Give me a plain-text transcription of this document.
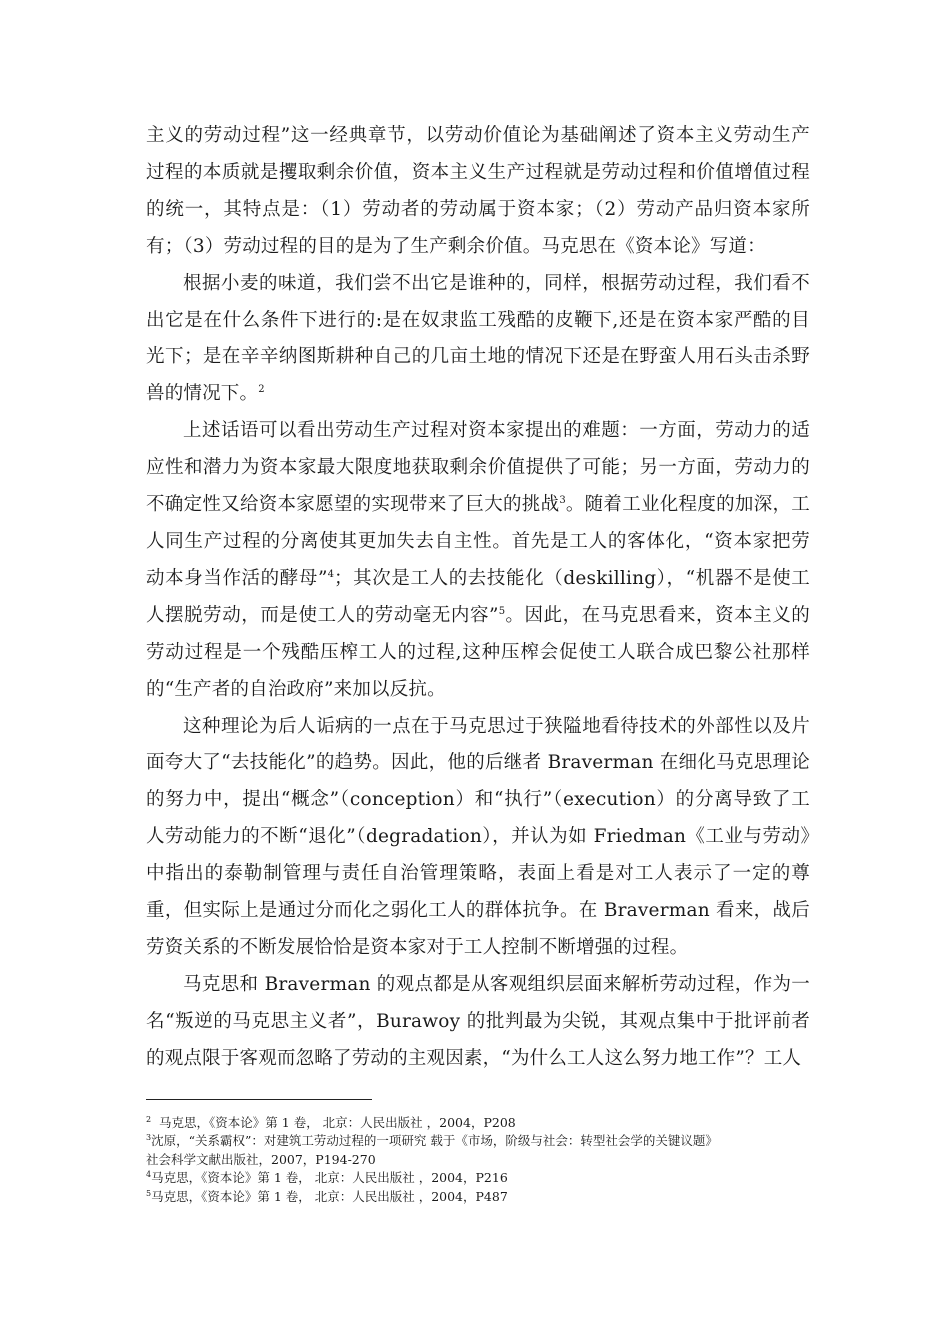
主义的劳动过程”这一经典章节，以劳动价值论为基础阐述了资本主义劳动生产过程的本质就是攫取剩余价值，资本主义生产过程就是劳动过程和价值增值过程的统一，其特点是：（1）劳动者的劳动属于资本家；（2）劳动产品归资本家所有；（3）劳动过程的目的是为了生产剩余价值。马克思在《资本论》写道：

根据小麦的味道，我们尝不出它是谁种的，同样，根据劳动过程，我们看不出它是在什么条件下进行的:是在奴隶监工残酷的皮鞭下,还是在资本家严酷的目光下；是在辛辛纳图斯耕种自己的几亩土地的情况下还是在野蛮人用石头击杀野兽的情况下。$^2$

上述话语可以看出劳动生产过程对资本家提出的难题：一方面，劳动力的适应性和潜力为资本家最大限度地获取剩余价值提供了可能；另一方面，劳动力的不确定性又给资本家愿望的实现带来了巨大的挑战$^3$。随着工业化程度的加深，工人同生产过程的分离使其更加失去自主性。首先是工人的客体化，“资本家把劳动本身当作活的酵母”$^4$；其次是工人的去技能化（deskilling），“机器不是使工人摆脱劳动，而是使工人的劳动毫无内容”$^5$。因此，在马克思看来，资本主义的劳动过程是一个残酷压榨工人的过程,这种压榨会促使工人联合成巴黎公社那样的“生产者的自治政府”来加以反抗。

这种理论为后人诟病的一点在于马克思过于狭隘地看待技术的外部性以及片面夸大了“去技能化”的趋势。因此，他的后继者 Braverman 在细化马克思理论的努力中，提出“概念”（conception）和“执行”（execution）的分离导致了工人劳动能力的不断“退化”（degradation），并认为如 Friedman《工业与劳动》中指出的泰勒制管理与责任自治管理策略，表面上看是对工人表示了一定的尊重，但实际上是通过分而化之弱化工人的群体抗争。在 Braverman 看来，战后劳资关系的不断发展恰恰是资本家对于工人控制不断增强的过程。

马克思和 Braverman 的观点都是从客观组织层面来解析劳动过程，作为一名“叛逆的马克思主义者”，Burawoy 的批判最为尖锐，其观点集中于批评前者的观点限于客观而忽略了劳动的主观因素，“为什么工人这么努力地工作”？工人

$^2$ 马克思，《资本论》第 1 卷， 北京：人民出版社 ，2004，P208

$^3$沈原，“关系霸权”：对建筑工劳动过程的一项研究 载于《市场，阶级与社会：转型社会学的关键议题》
社会科学文献出版社，2007，P194-270

$^4$马克思，《资本论》第 1 卷， 北京：人民出版社 ，2004，P216

$^5$马克思，《资本论》第 1 卷， 北京：人民出版社 ，2004，P487
